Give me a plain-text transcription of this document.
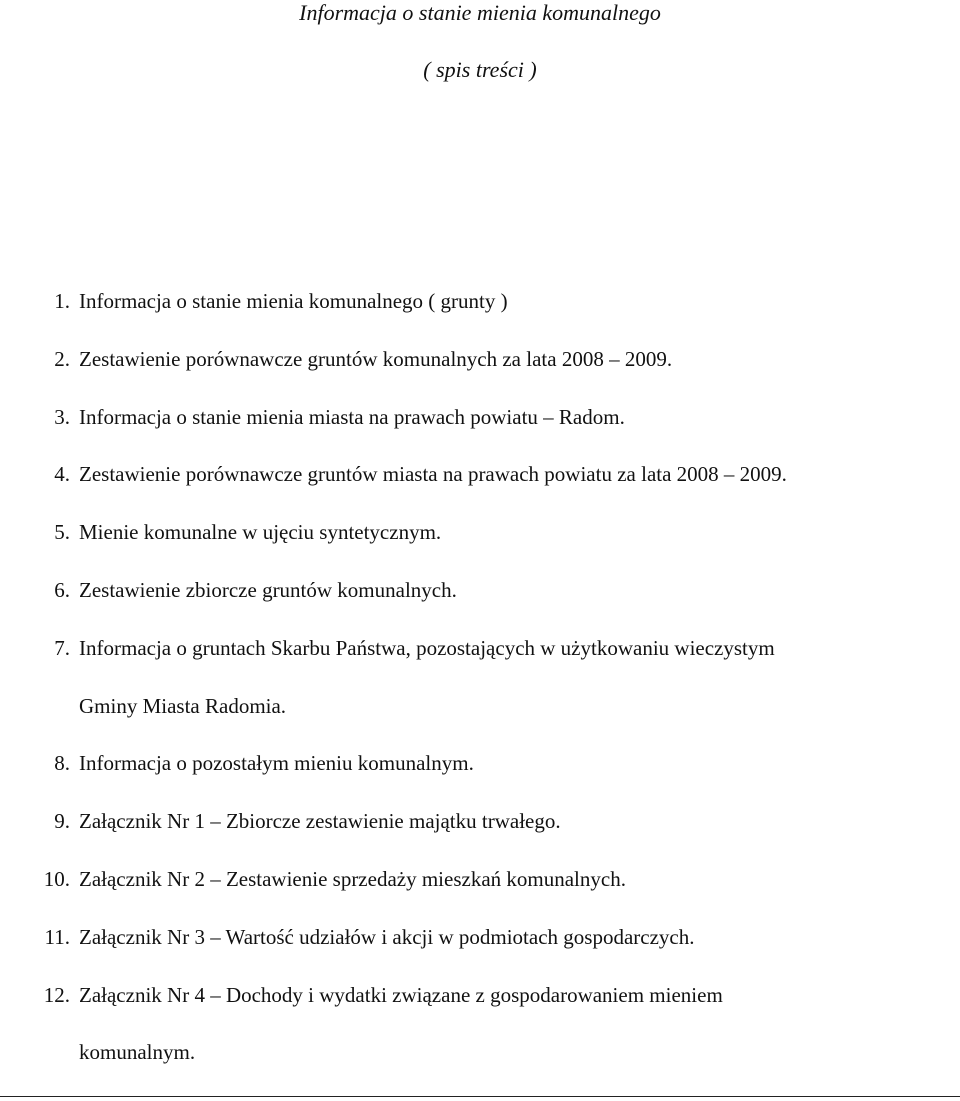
Informacja o stanie mienia komunalnego
( spis treści )
1. Informacja o stanie mienia komunalnego ( grunty )
2. Zestawienie porównawcze gruntów komunalnych za lata 2008 – 2009.
3. Informacja o stanie mienia miasta na prawach powiatu – Radom.
4. Zestawienie porównawcze gruntów miasta na prawach powiatu za lata 2008 – 2009.
5. Mienie komunalne w ujęciu syntetycznym.
6. Zestawienie zbiorcze gruntów komunalnych.
7. Informacja o gruntach Skarbu Państwa, pozostających w użytkowaniu wieczystym
Gminy Miasta Radomia.
8. Informacja o pozostałym mieniu komunalnym.
9. Załącznik Nr 1 – Zbiorcze zestawienie majątku trwałego.
10. Załącznik Nr 2 – Zestawienie sprzedaży mieszkań komunalnych.
11. Załącznik Nr 3 – Wartość udziałów i akcji w podmiotach gospodarczych.
12. Załącznik Nr 4 – Dochody i wydatki związane z gospodarowaniem mieniem
komunalnym.
